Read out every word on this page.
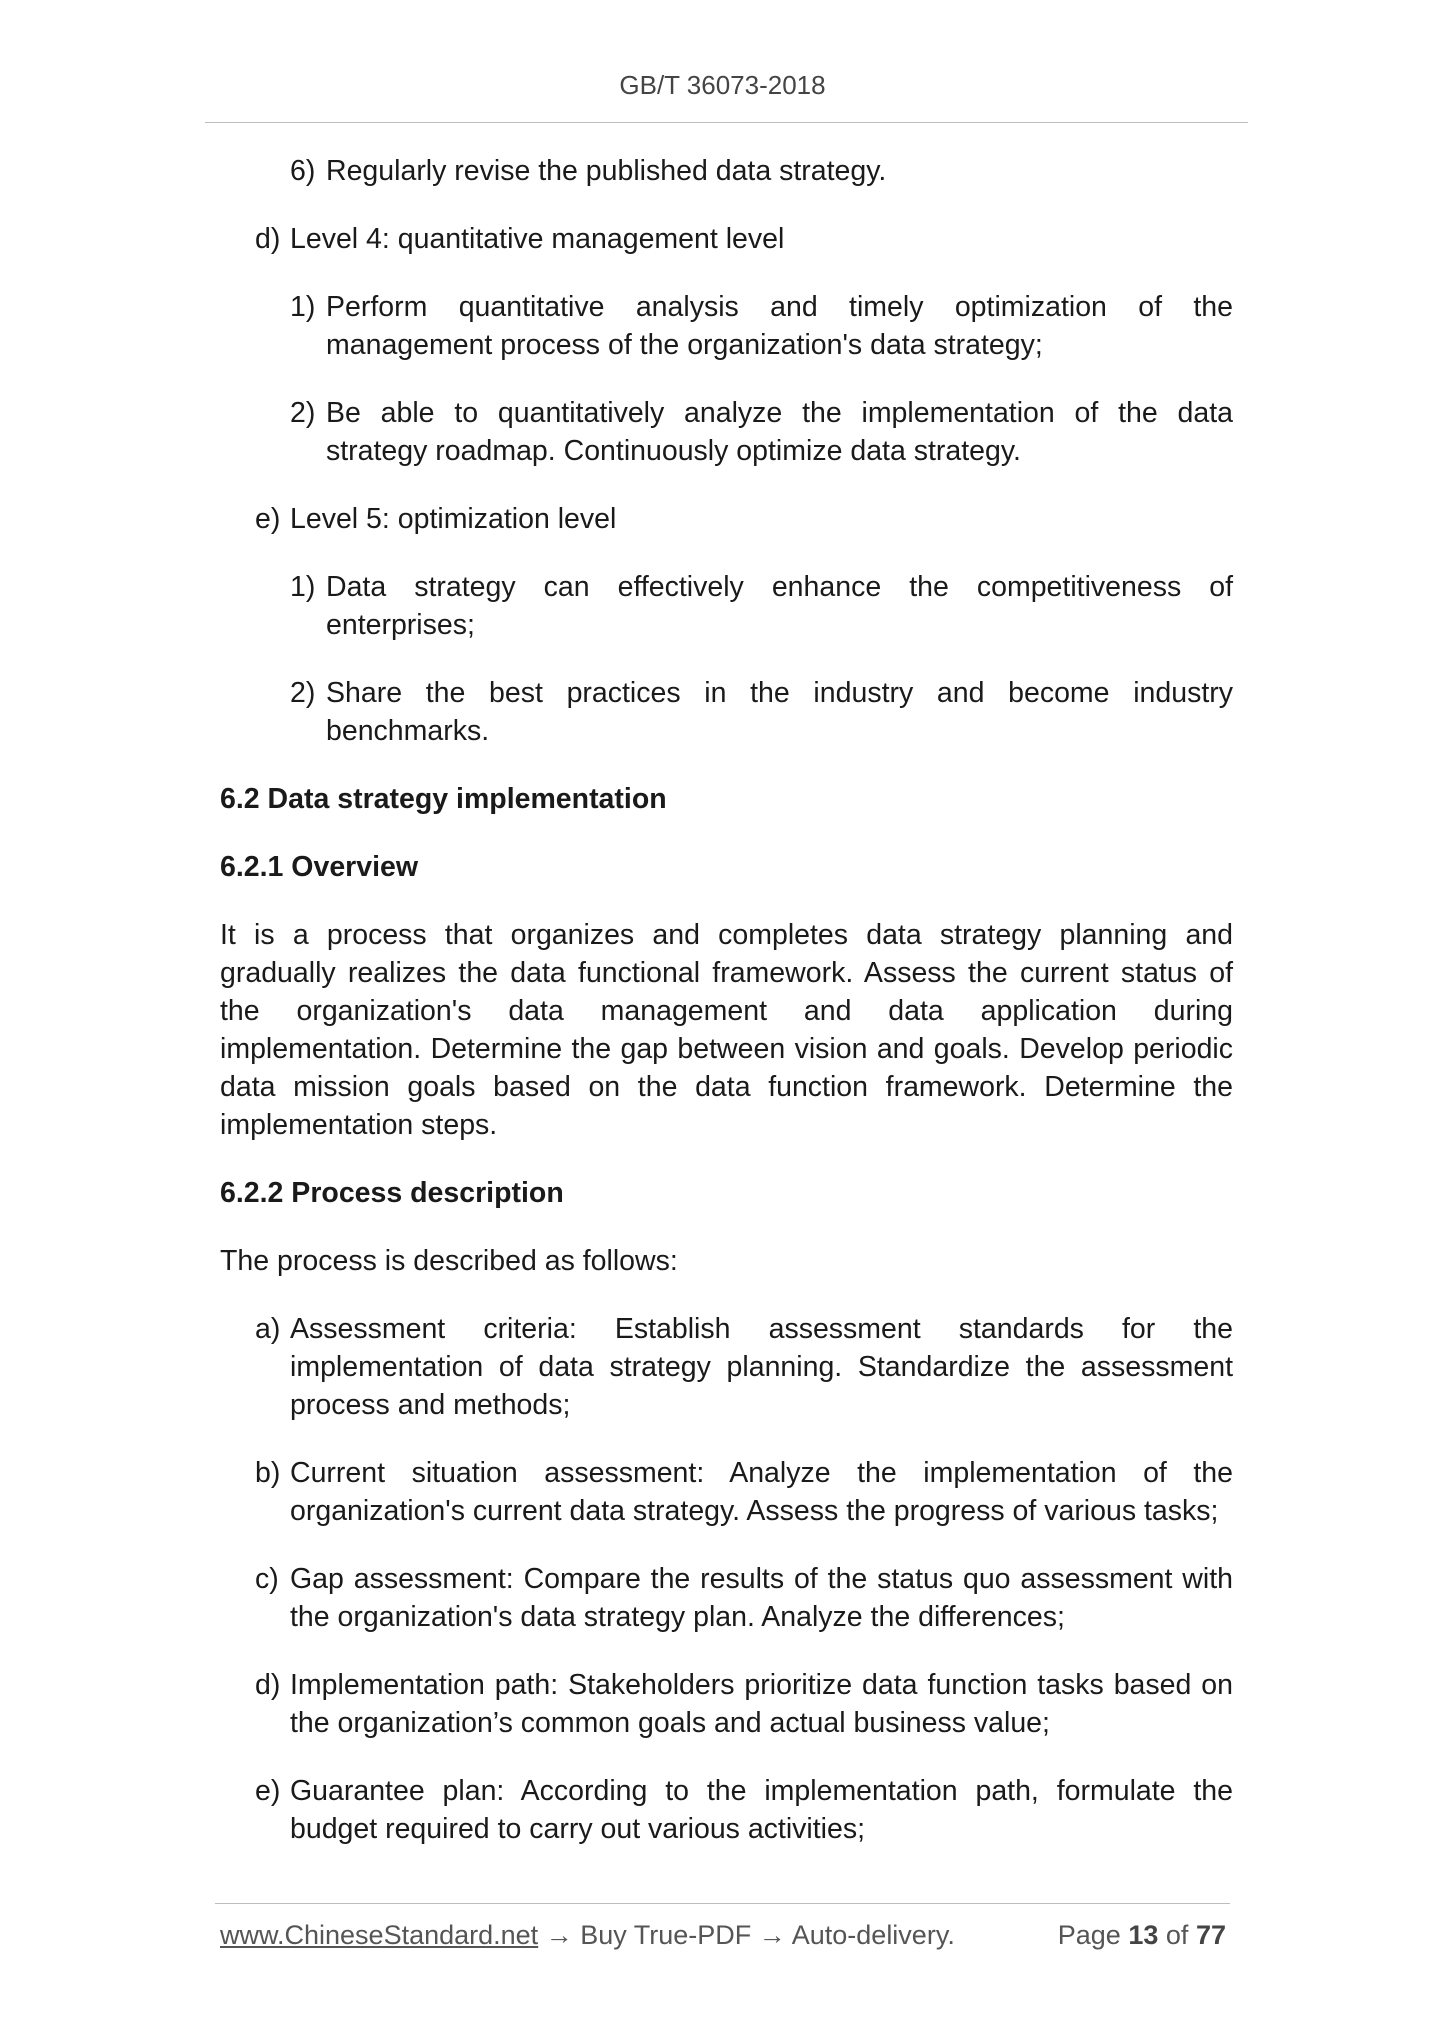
GB/T 36073-2018
6) Regularly revise the published data strategy.
d) Level 4: quantitative management level
1) Perform quantitative analysis and timely optimization of the management process of the organization's data strategy;
2) Be able to quantitatively analyze the implementation of the data strategy roadmap. Continuously optimize data strategy.
e) Level 5: optimization level
1) Data strategy can effectively enhance the competitiveness of enterprises;
2) Share the best practices in the industry and become industry benchmarks.
6.2 Data strategy implementation
6.2.1 Overview

It is a process that organizes and completes data strategy planning and gradually realizes the data functional framework. Assess the current status of the organization's data management and data application during implementation. Determine the gap between vision and goals. Develop periodic data mission goals based on the data function framework. Determine the implementation steps.

6.2.2 Process description

The process is described as follows:

a) Assessment criteria: Establish assessment standards for the implementation of data strategy planning. Standardize the assessment process and methods;
b) Current situation assessment: Analyze the implementation of the organization's current data strategy. Assess the progress of various tasks;
c) Gap assessment: Compare the results of the status quo assessment with the organization's data strategy plan. Analyze the differences;
d) Implementation path: Stakeholders prioritize data function tasks based on the organization’s common goals and actual business value;
e) Guarantee plan: According to the implementation path, formulate the budget required to carry out various activities;
www.ChineseStandard.net → Buy True-PDF → Auto-delivery.	Page 13 of 77
